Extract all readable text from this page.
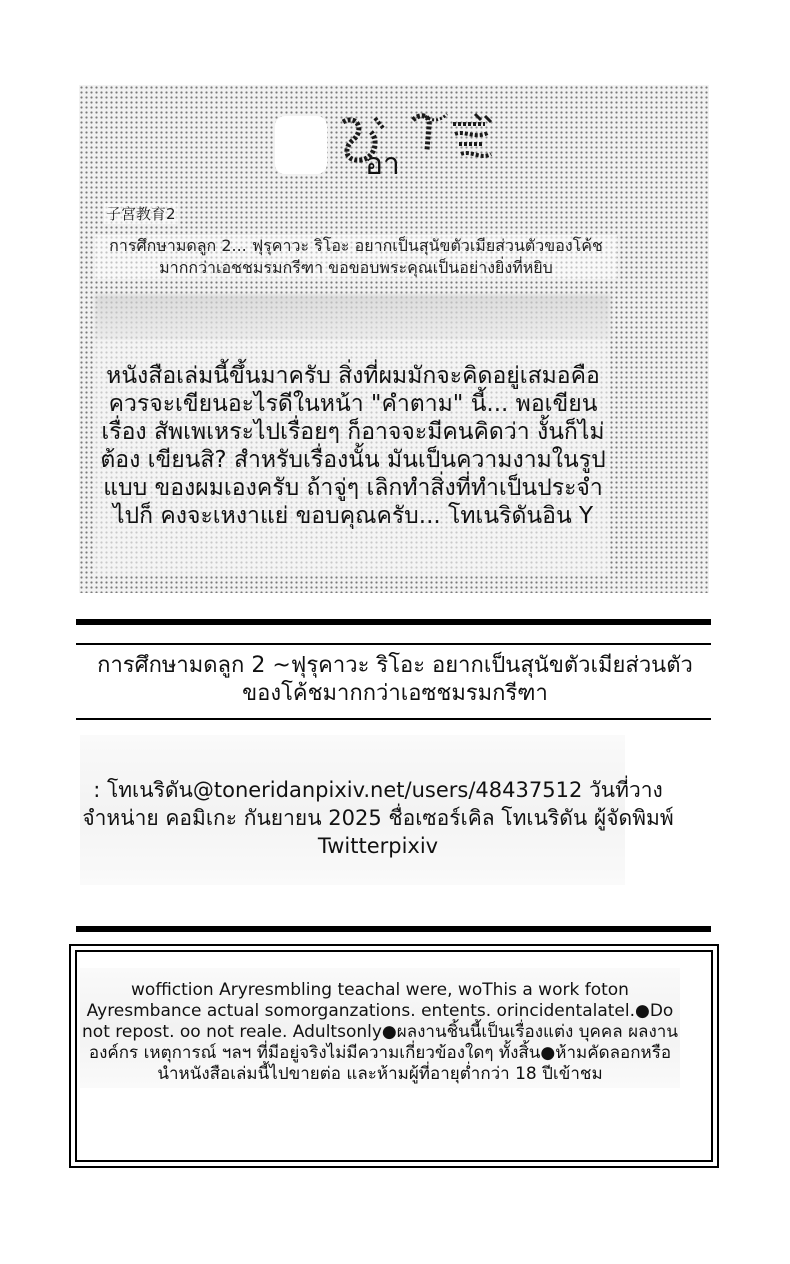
อา
子宮教育2
การศึกษามดลูก 2... ฟุรุคาวะ ริโอะ อยากเป็นสุนัขตัวเมียส่วนตัวของโค้ช มากกว่าเอชชมรมกรีฑา ขอขอบพระคุณเป็นอย่างยิ่งที่หยิบ
หนังสือเล่มนี้ขึ้นมาครับ สิ่งที่ผมมักจะคิดอยู่เสมอคือ ควรจะเขียนอะไรดีในหน้า "คำตาม" นี้... พอเขียนเรื่อง สัพเพเหระไปเรื่อยๆ ก็อาจจะมีคนคิดว่า งั้นก็ไม่ต้อง เขียนสิ? สำหรับเรื่องนั้น มันเป็นความงามในรูปแบบ ของผมเองครับ ถ้าจู่ๆ เลิกทำสิ่งที่ทำเป็นประจำไปก็ คงจะเหงาแย่ ขอบคุณครับ... โทเนริดันอิน Y
การศึกษามดลูก 2 ~ฟุรุคาวะ ริโอะ อยากเป็นสุนัขตัวเมียส่วนตัว ของโค้ชมากกว่าเอซชมรมกรีฑา
: โทเนริดัน@toneridanpixiv.net/users/48437512 วันที่วางจำหน่าย คอมิเกะ กันยายน 2025 ชื่อเซอร์เคิล โทเนริดัน ผู้จัดพิมพ์ Twitterpixiv
woffiction Aryresmbling teachal were, woThis a work foton Ayresmbance actual somorganzations. entents. orincidentalatel.●Do not repost. oo not reale. Adultsonly●ผลงานชิ้นนี้เป็นเรื่องแต่ง บุคคล ผลงาน องค์กร เหตุการณ์ ฯลฯ ที่มีอยู่จริงไม่มีความเกี่ยวข้องใดๆ ทั้งสิ้น●ห้ามคัดลอกหรือนำหนังสือเล่มนี้ไปขายต่อ และห้ามผู้ที่อายุต่ำกว่า 18 ปีเข้าชม
